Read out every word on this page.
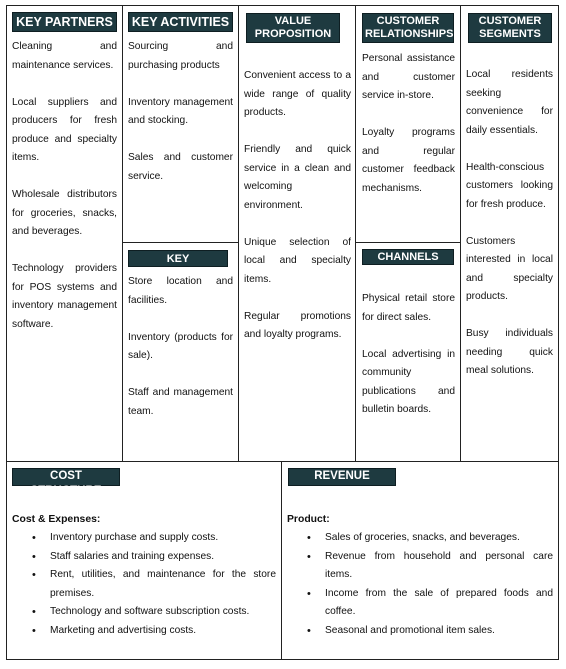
KEY PARTNERS

Cleaning and maintenance services.

Local suppliers and producers for fresh produce and specialty items.

Wholesale distributors for groceries, snacks, and beverages.

Technology providers for POS systems and inventory management software.

KEY ACTIVITIES

Sourcing and purchasing products

Inventory management and stocking.

Sales and customer service.

KEY RESOURCES

Store location and facilities.

Inventory (products for sale).

Staff and management team.

VALUE
PROPOSITION

Convenient access to a wide range of quality products.

Friendly and quick service in a clean and welcoming environment.

Unique selection of local and specialty items.

Regular promotions and loyalty programs.

CUSTOMER
RELATIONSHIPS

Personal assistance and customer service in-store.

Loyalty programs and regular customer feedback mechanisms.

CHANNELS

Physical retail store for direct sales.

Local advertising in community publications and bulletin boards.

CUSTOMER
SEGMENTS

Local residents seeking convenience for daily essentials.

Health-conscious customers looking for fresh produce.

Customers interested in local and specialty products.

Busy individuals needing quick meal solutions.

COST STRUCTURE
Cost & Expenses:
• Inventory purchase and supply costs.
• Staff salaries and training expenses.
• Rent, utilities, and maintenance for the store premises.
• Technology and software subscription costs.
• Marketing and advertising costs.
REVENUE
Product:
• Sales of groceries, snacks, and beverages.
• Revenue from household and personal care items.
• Income from the sale of prepared foods and coffee.
• Seasonal and promotional item sales.
